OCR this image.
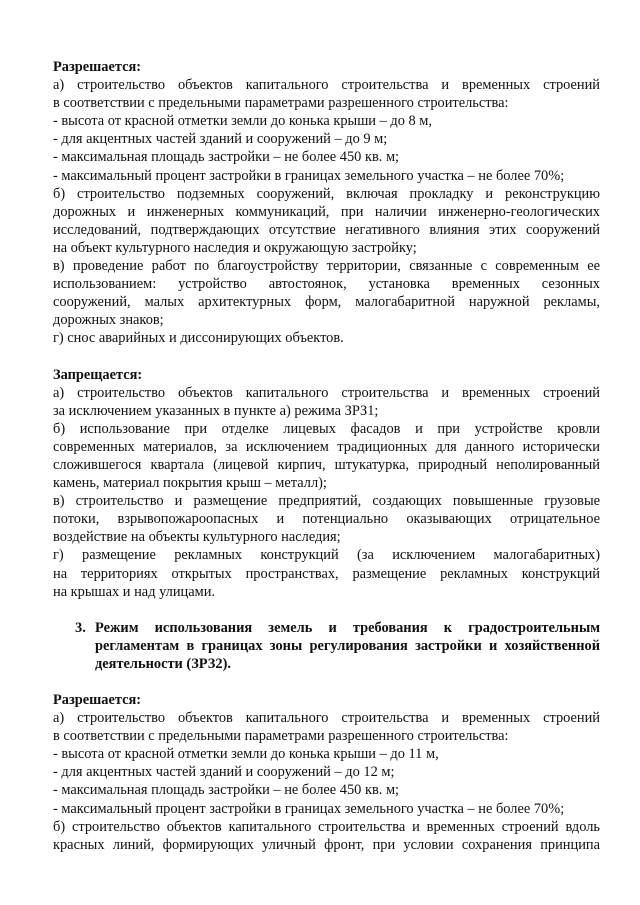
Разрешается:
а) строительство объектов капитального строительства и временных строений
в соответствии с предельными параметрами разрешенного строительства:
- высота от красной отметки земли до конька крыши – до 8 м,
- для акцентных частей зданий и сооружений – до 9 м;
- максимальная площадь застройки – не более 450 кв. м;
- максимальный процент застройки в границах земельного участка – не более 70%;
б) строительство подземных сооружений, включая прокладку и реконструкцию
дорожных и инженерных коммуникаций, при наличии инженерно-геологических
исследований, подтверждающих отсутствие негативного влияния этих сооружений
на объект культурного наследия и окружающую застройку;
в) проведение работ по благоустройству территории, связанные с современным ее
использованием: устройство автостоянок, установка временных сезонных
сооружений, малых архитектурных форм, малогабаритной наружной рекламы,
дорожных знаков;
г) снос аварийных и диссонирующих объектов.
Запрещается:
а) строительство объектов капитального строительства и временных строений
за исключением указанных в пункте а) режима ЗРЗ1;
б) использование при отделке лицевых фасадов и при устройстве кровли
современных материалов, за исключением традиционных для данного исторически
сложившегося квартала (лицевой кирпич, штукатурка, природный неполированный
камень, материал покрытия крыш – металл);
в) строительство и размещение предприятий, создающих повышенные грузовые
потоки, взрывопожароопасных и потенциально оказывающих отрицательное
воздействие на объекты культурного наследия;
г) размещение рекламных конструкций (за исключением малогабаритных)
на территориях открытых пространствах, размещение рекламных конструкций
на крышах и над улицами.
3. Режим использования земель и требования к градостроительным
регламентам в границах зоны регулирования застройки и хозяйственной
деятельности (ЗРЗ2).
Разрешается:
а) строительство объектов капитального строительства и временных строений
в соответствии с предельными параметрами разрешенного строительства:
- высота от красной отметки земли до конька крыши – до 11 м,
- для акцентных частей зданий и сооружений – до 12 м;
- максимальная площадь застройки – не более 450 кв. м;
- максимальный процент застройки в границах земельного участка – не более 70%;
б) строительство объектов капитального строительства и временных строений вдоль
красных линий, формирующих уличный фронт, при условии сохранения принципа
